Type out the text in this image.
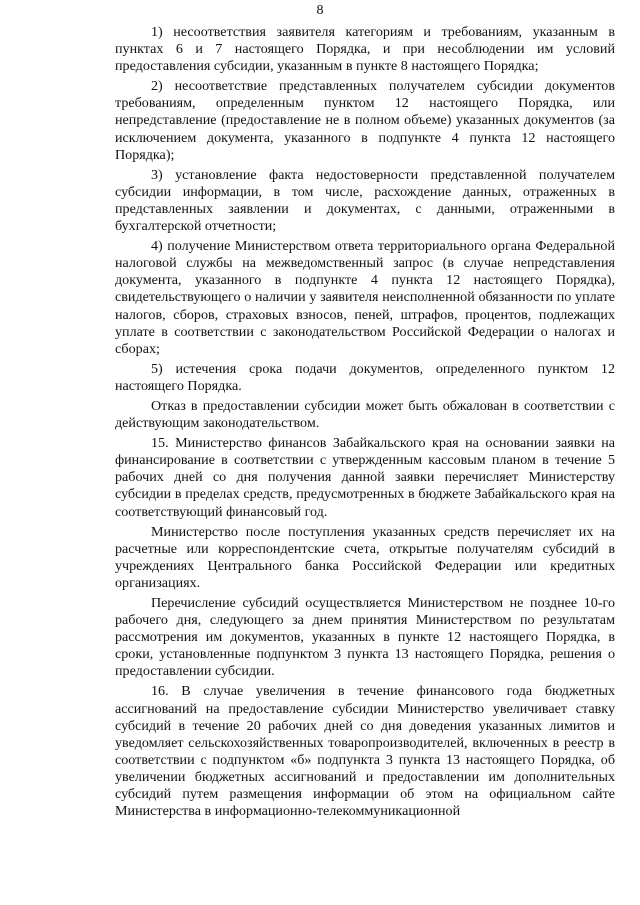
8

1) несоответствия заявителя категориям и требованиям, указанным в пунктах 6 и 7 настоящего Порядка, и при несоблюдении им условий предоставления субсидии, указанным в пункте 8 настоящего Порядка;

2) несоответствие представленных получателем субсидии документов требованиям, определенным пунктом 12 настоящего Порядка, или непредставление (предоставление не в полном объеме) указанных документов (за исключением документа, указанного в подпункте 4 пункта 12 настоящего Порядка);

3) установление факта недостоверности представленной получателем субсидии информации, в том числе, расхождение данных, отраженных в представленных заявлении и документах, с данными, отраженными в бухгалтерской отчетности;

4) получение Министерством ответа территориального органа Федеральной налоговой службы на межведомственный запрос (в случае непредставления документа, указанного в подпункте 4 пункта 12 настоящего Порядка), свидетельствующего о наличии у заявителя неисполненной обязанности по уплате налогов, сборов, страховых взносов, пеней, штрафов, процентов, подлежащих уплате в соответствии с законодательством Российской Федерации о налогах и сборах;

5) истечения срока подачи документов, определенного пунктом 12 настоящего Порядка.

Отказ в предоставлении субсидии может быть обжалован в соответствии с действующим законодательством.

15. Министерство финансов Забайкальского края на основании заявки на финансирование в соответствии с утвержденным кассовым планом в течение 5 рабочих дней со дня получения данной заявки перечисляет Министерству субсидии в пределах средств, предусмотренных в бюджете Забайкальского края на соответствующий финансовый год.

Министерство после поступления указанных средств перечисляет их на расчетные или корреспондентские счета, открытые получателям субсидий в учреждениях Центрального банка Российской Федерации или кредитных организациях.

Перечисление субсидий осуществляется Министерством не позднее 10-го рабочего дня, следующего за днем принятия Министерством по результатам рассмотрения им документов, указанных в пункте 12 настоящего Порядка, в сроки, установленные подпунктом 3 пункта 13 настоящего Порядка, решения о предоставлении субсидии.

16. В случае увеличения в течение финансового года бюджетных ассигнований на предоставление субсидии Министерство увеличивает ставку субсидий в течение 20 рабочих дней со дня доведения указанных лимитов и уведомляет сельскохозяйственных товаропроизводителей, включенных в реестр в соответствии с подпунктом «б» подпункта 3 пункта 13 настоящего Порядка, об увеличении бюджетных ассигнований и предоставлении им дополнительных субсидий путем размещения информации об этом на официальном сайте Министерства в информационно-телекоммуникационной
